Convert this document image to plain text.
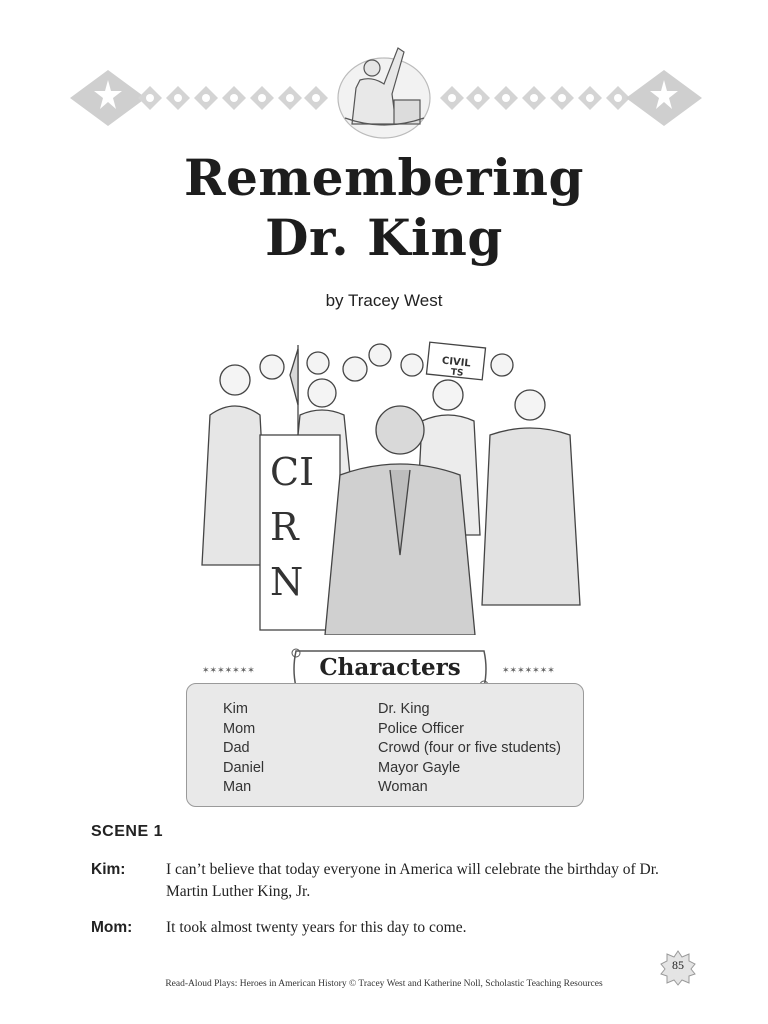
Remembering
Dr. King
by Tracey West
CIVIL
TS
CI
R
N
✶✶✶✶✶✶✶	✶✶✶✶✶✶✶
Characters
Kim
Mom
Dad
Daniel
Man
Dr. King
Police Officer
Crowd (four or five students)
Mayor Gayle
Woman
SCENE 1
Kim:	I can’t believe that today everyone in America will celebrate the birthday of Dr. Martin Luther King, Jr.
Mom: It took almost twenty years for this day to come.
85
Read-Aloud Plays: Heroes in American History © Tracey West and Katherine Noll, Scholastic Teaching Resources
